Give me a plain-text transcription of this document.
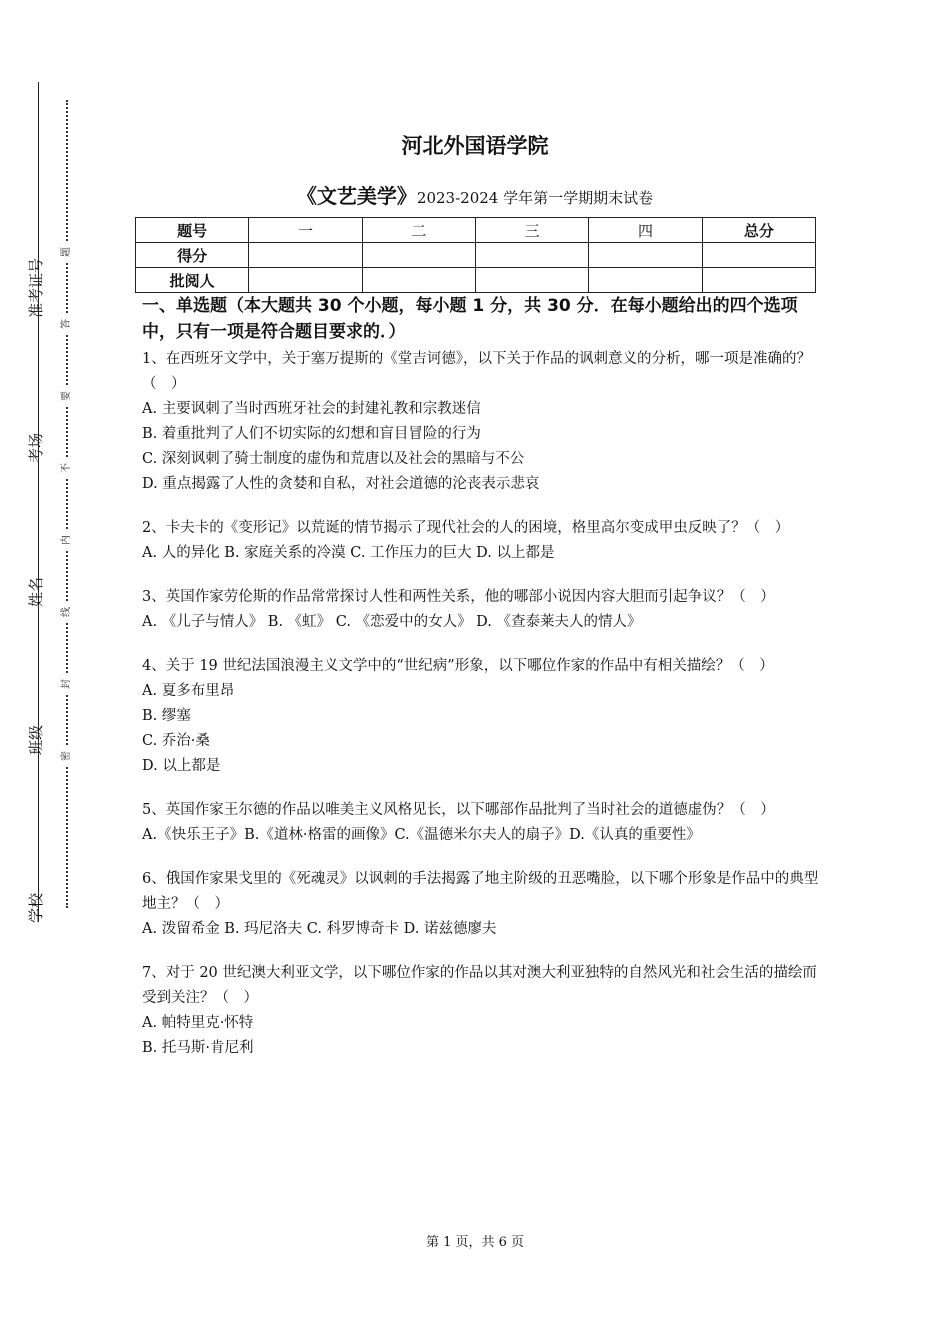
准考证号
考场
姓名
班级
学校
题
答
要
不
内
线
封
密
河北外国语学院
《文艺美学》2023-2024 学年第一学期期末试卷
题号	一	二	三	四	总分
得分					
批阅人					
一、单选题（本大题共 30 个小题，每小题 1 分，共 30 分．在每小题给出的四个选项中，只有一项是符合题目要求的．）
1、在西班牙文学中，关于塞万提斯的《堂吉诃德》，以下关于作品的讽刺意义的分析，哪一项是准确的？（　）
A. 主要讽刺了当时西班牙社会的封建礼教和宗教迷信
B. 着重批判了人们不切实际的幻想和盲目冒险的行为
C. 深刻讽刺了骑士制度的虚伪和荒唐以及社会的黑暗与不公
D. 重点揭露了人性的贪婪和自私，对社会道德的沦丧表示悲哀
2、卡夫卡的《变形记》以荒诞的情节揭示了现代社会的人的困境，格里高尔变成甲虫反映了？（　）
A. 人的异化 B. 家庭关系的冷漠 C. 工作压力的巨大 D. 以上都是
3、英国作家劳伦斯的作品常常探讨人性和两性关系，他的哪部小说因内容大胆而引起争议？（　）
A. 《儿子与情人》 B. 《虹》 C. 《恋爱中的女人》 D. 《查泰莱夫人的情人》
4、关于 19 世纪法国浪漫主义文学中的“世纪病”形象，以下哪位作家的作品中有相关描绘？（　）
A. 夏多布里昂
B. 缪塞
C. 乔治·桑
D. 以上都是
5、英国作家王尔德的作品以唯美主义风格见长，以下哪部作品批判了当时社会的道德虚伪？（　）
A.《快乐王子》B.《道林·格雷的画像》C.《温德米尔夫人的扇子》D.《认真的重要性》
6、俄国作家果戈里的《死魂灵》以讽刺的手法揭露了地主阶级的丑恶嘴脸，以下哪个形象是作品中的典型地主？（　）
A. 泼留希金 B. 玛尼洛夫 C. 科罗博奇卡 D. 诺兹德廖夫
7、对于 20 世纪澳大利亚文学，以下哪位作家的作品以其对澳大利亚独特的自然风光和社会生活的描绘而受到关注？（　）
A. 帕特里克·怀特
B. 托马斯·肯尼利
第 1 页，共 6 页
